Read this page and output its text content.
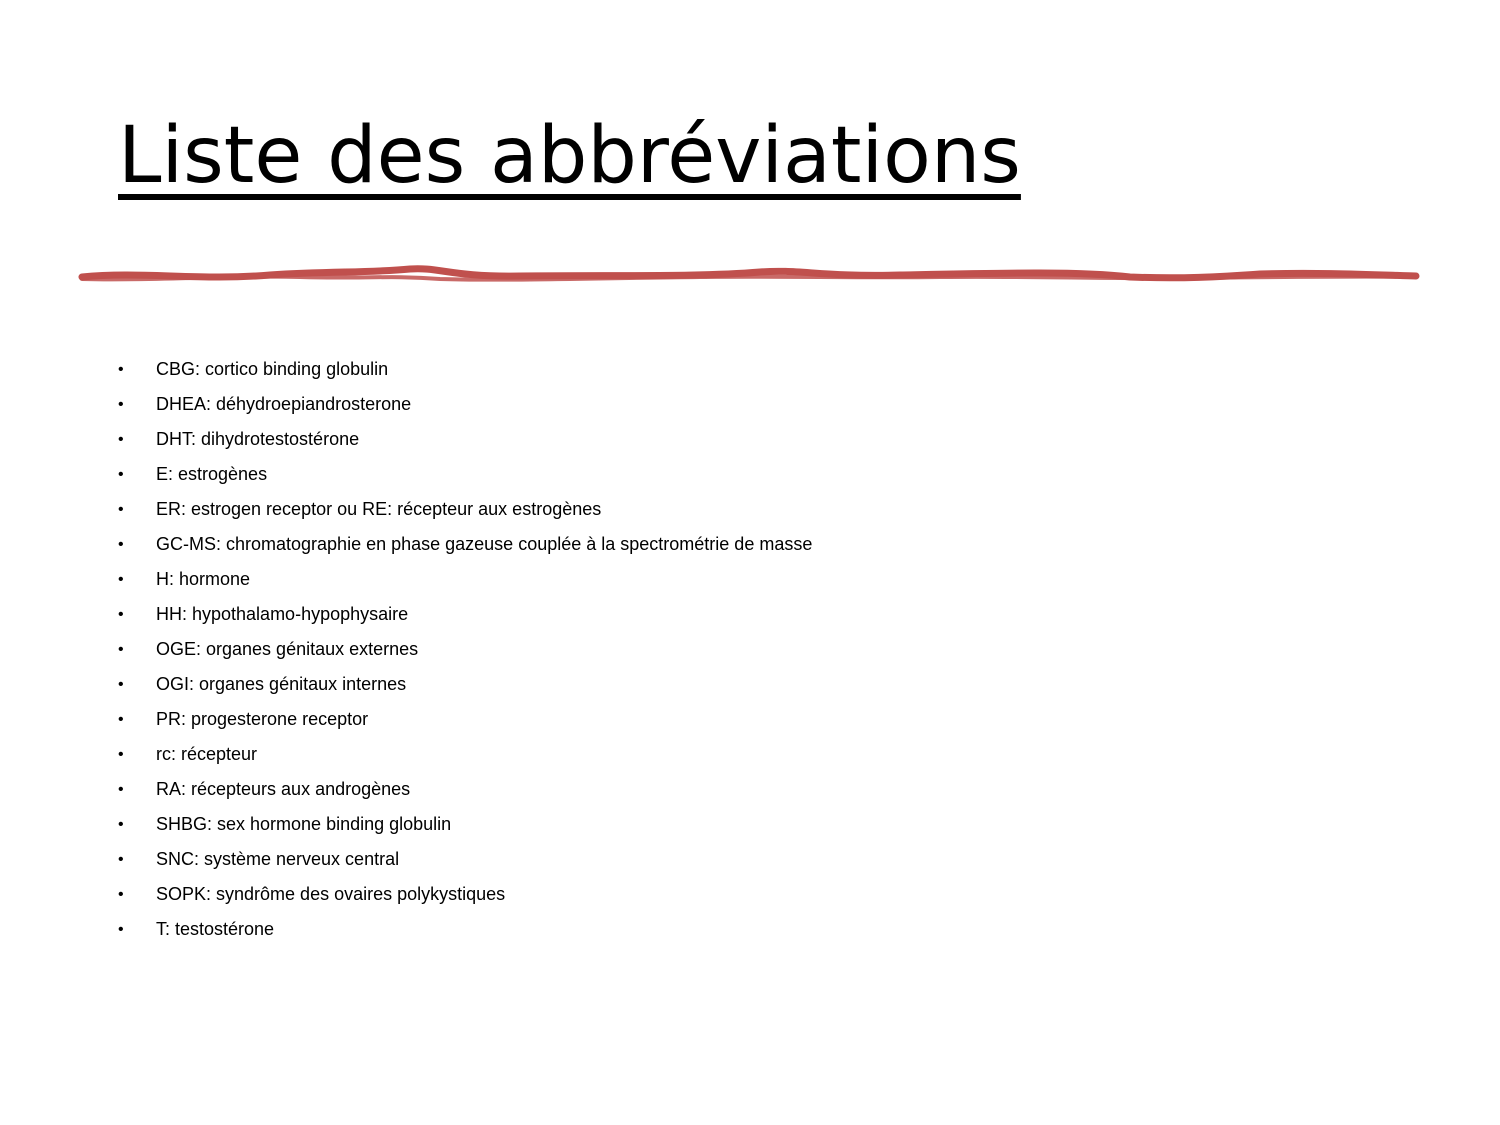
Liste des abbréviations
•	CBG: cortico binding globulin
•	DHEA: déhydroepiandrosterone
•	DHT: dihydrotestostérone
•	E: estrogènes
•	ER: estrogen receptor ou RE: récepteur aux estrogènes
•	GC-MS: chromatographie en phase gazeuse couplée à la spectrométrie de masse
•	H: hormone
•	HH: hypothalamo-hypophysaire
•	OGE: organes génitaux externes
•	OGI: organes génitaux internes
•	PR: progesterone receptor
•	rc: récepteur
•	RA: récepteurs aux androgènes
•	SHBG: sex hormone binding globulin
•	SNC: système nerveux central
•	SOPK: syndrôme des ovaires polykystiques
•	T: testostérone
